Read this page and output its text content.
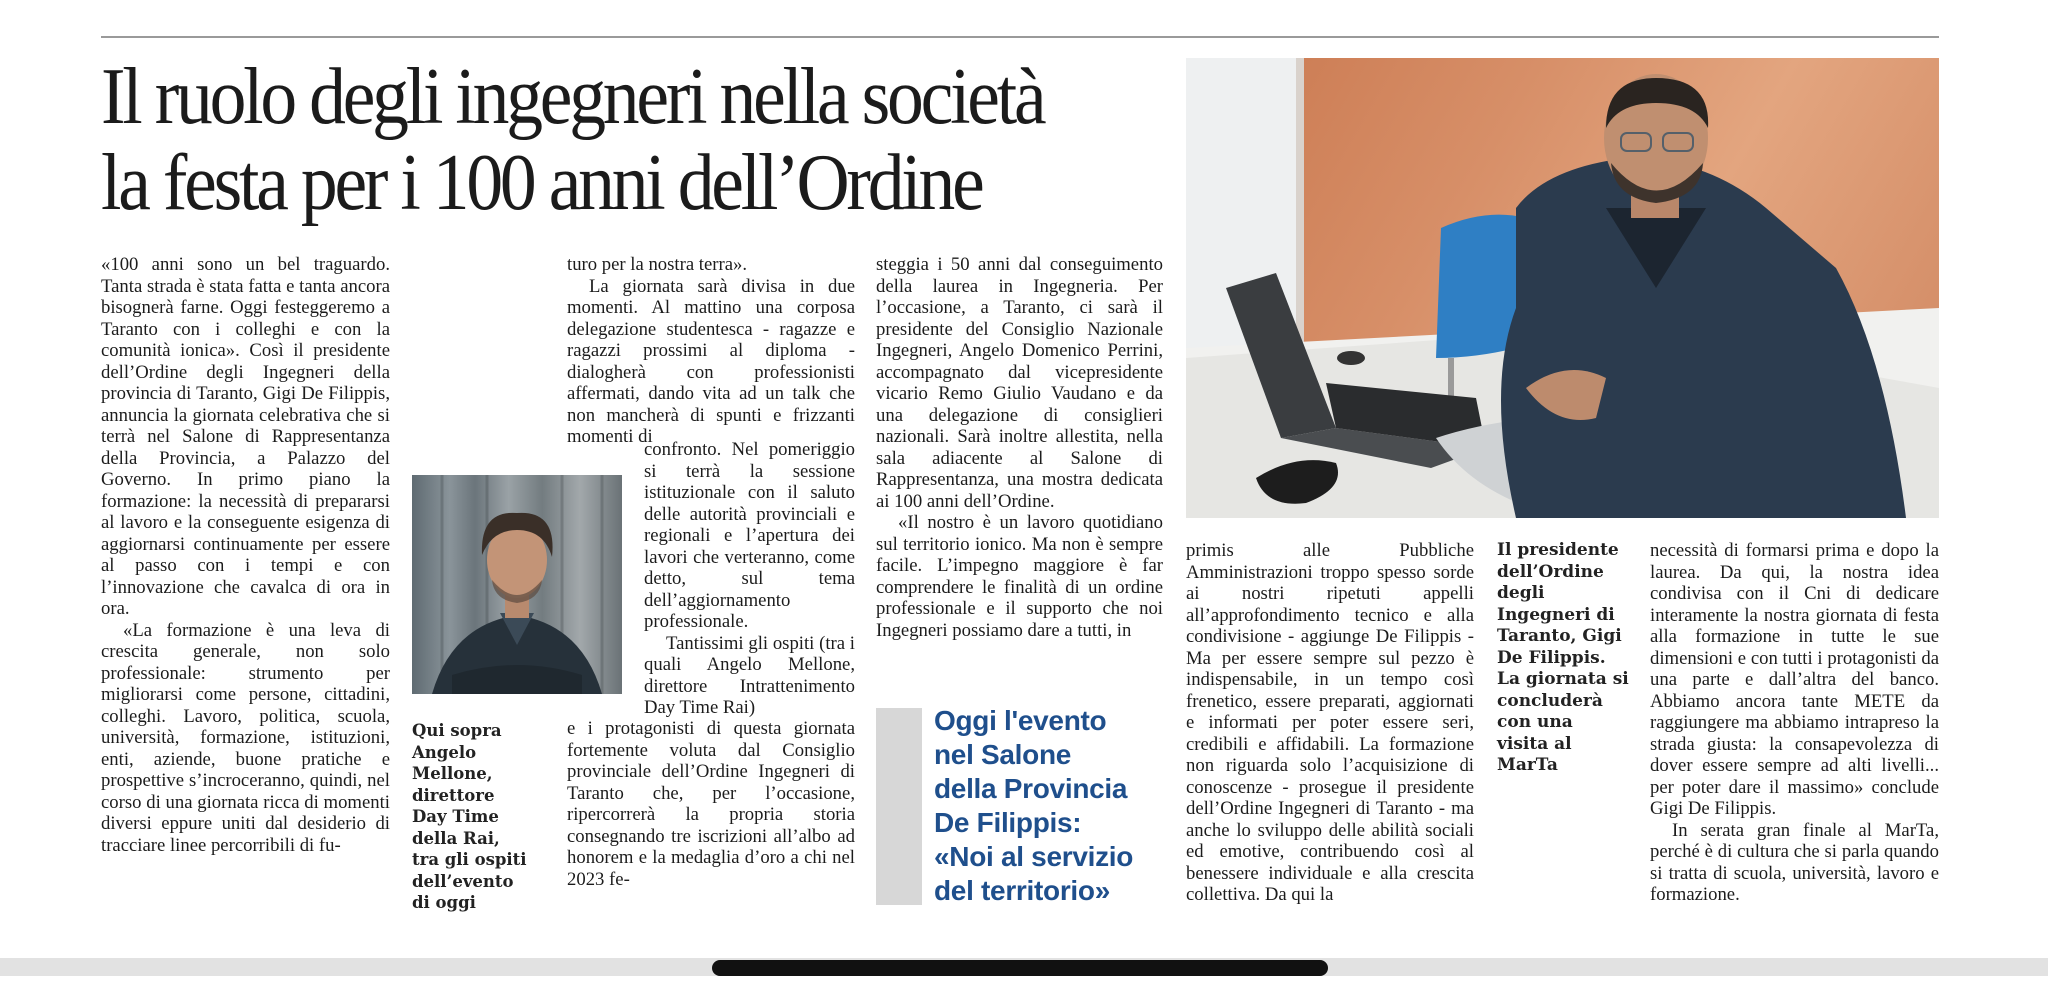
Il ruolo degli ingegneri nella società
la festa per i 100 anni dell’Ordine

«100 anni sono un bel traguardo. Tanta strada è stata fatta e tanta ancora bisognerà farne. Oggi festeggeremo a Taranto con i colleghi e con la comunità ionica». Così il presidente dell’Ordine degli Ingegneri della provincia di Taranto, Gigi De Filippis, annuncia la giornata celebrativa che si terrà nel Salone di Rappresentanza della Provincia, a Palazzo del Governo. In primo piano la formazione: la necessità di prepararsi al lavoro e la conseguente esigenza di aggiornarsi continuamente per essere al passo con i tempi e con l’innovazione che cavalca di ora in ora.

«La formazione è una leva di crescita generale, non solo professionale: strumento per migliorarsi come persone, cittadini, colleghi. Lavoro, politica, scuola, università, formazione, istituzioni, enti, aziende, buone pratiche e prospettive s’incroceranno, quindi, nel corso di una giornata ricca di momenti diversi eppure uniti dal desiderio di tracciare linee percorribili di fu-

turo per la nostra terra».

La giornata sarà divisa in due momenti. Al mattino una corposa delegazione studentesca - ragazze e ragazzi prossimi al diploma - dialogherà con professionisti affermati, dando vita ad un talk che non mancherà di spunti e frizzanti momenti di

confronto. Nel pomeriggio si terrà la sessione istituzionale con il saluto delle autorità provinciali e regionali e l’apertura dei lavori che verteranno, come detto, sul tema dell’aggiornamento professionale.

Tantissimi gli ospiti (tra i quali Angelo Mellone, direttore Intrattenimento Day Time Rai)

e i protagonisti di questa giornata fortemente voluta dal Consiglio provinciale dell’Ordine Ingegneri di Taranto che, per l’occasione, ripercorrerà la propria storia consegnando tre iscrizioni all’albo ad honorem e la medaglia d’oro a chi nel 2023 fe-

steggia i 50 anni dal conseguimento della laurea in Ingegneria. Per l’occasione, a Taranto, ci sarà il presidente del Consiglio Nazionale Ingegneri, Angelo Domenico Perrini, accompagnato dal vicepresidente vicario Remo Giulio Vaudano e da una delegazione di consiglieri nazionali. Sarà inoltre allestita, nella sala adiacente al Salone di Rappresentanza, una mostra dedicata ai 100 anni dell’Ordine.

«Il nostro è un lavoro quotidiano sul territorio ionico. Ma non è sempre facile. L’impegno maggiore è far comprendere le finalità di un ordine professionale e il supporto che noi Ingegneri possiamo dare a tutti, in

Qui sopra Angelo Mellone, direttore Day Time della Rai, tra gli ospiti dell’evento di oggi
Oggi l'evento
nel Salone
della Provincia
De Filippis:
«Noi al servizio
del territorio»

primis alle Pubbliche Amministrazioni troppo spesso sorde ai nostri ripetuti appelli all’approfondimento tecnico e alla condivisione - aggiunge De Filippis - Ma per essere sempre sul pezzo è indispensabile, in un tempo così frenetico, essere preparati, aggiornati e informati per poter essere seri, credibili e affidabili. La formazione non riguarda solo l’acquisizione di conoscenze - prosegue il presidente dell’Ordine Ingegneri di Taranto - ma anche lo sviluppo delle abilità sociali ed emotive, contribuendo così al benessere individuale e alla crescita collettiva. Da qui la

Il presidente dell’Ordine degli Ingegneri di Taranto, Gigi De Filippis. La giornata si concluderà con una visita al MarTa

necessità di formarsi prima e dopo la laurea. Da qui, la nostra idea condivisa con il Cni di dedicare interamente la nostra giornata di festa alla formazione in tutte le sue dimensioni e con tutti i protagonisti da una parte e dall’altra del banco. Abbiamo ancora tante METE da raggiungere ma abbiamo intrapreso la strada giusta: la consapevolezza di dover essere sempre ad alti livelli... per poter dare il massimo» conclude Gigi De Filippis.

In serata gran finale al MarTa, perché è di cultura che si parla quando si tratta di scuola, università, lavoro e formazione.
